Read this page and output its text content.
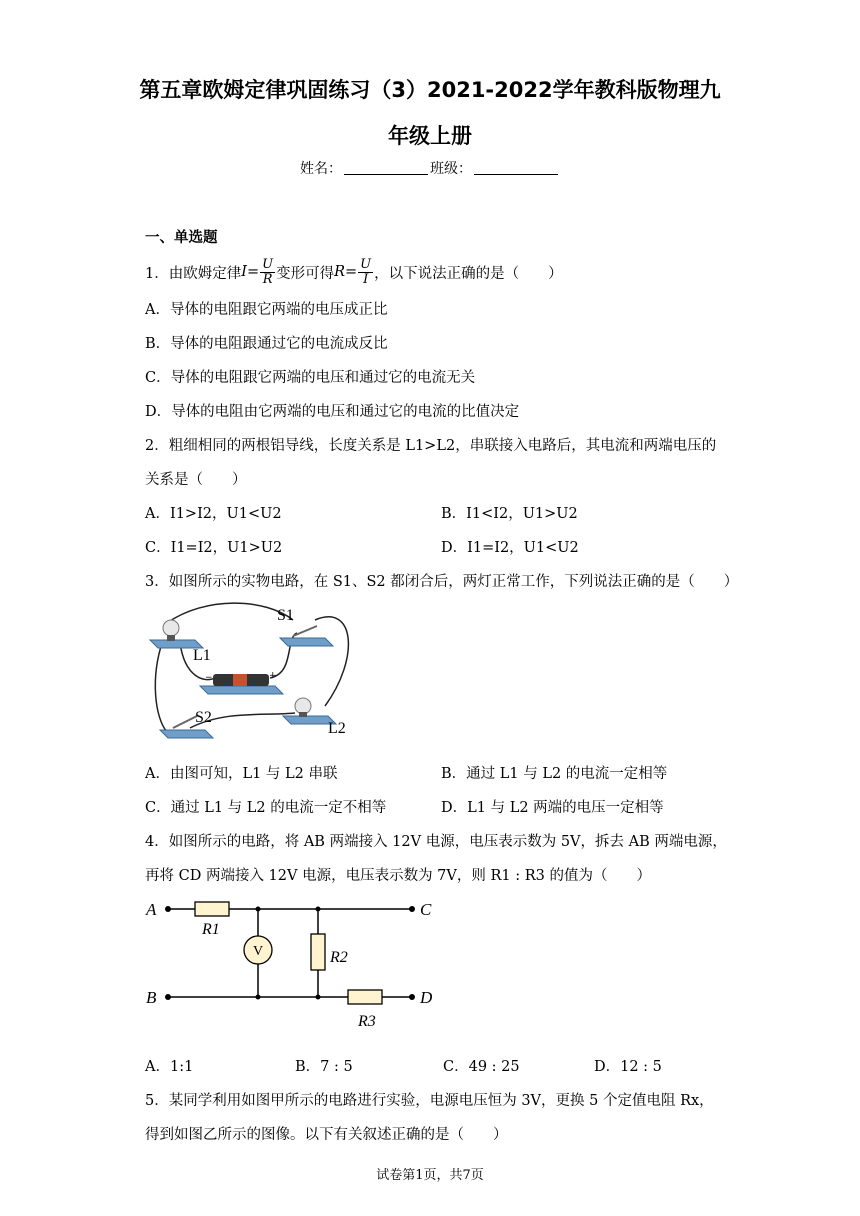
第五章欧姆定律巩固练习（3）2021-2022学年教科版物理九
年级上册
姓名：	班级：
一、单选题
1．由欧姆定律 $I = \frac{U}{R}$ 变形可得 $R = \frac{U}{I}$ ，以下说法正确的是（　　）
A．导体的电阻跟它两端的电压成正比
B．导体的电阻跟通过它的电流成反比
C．导体的电阻跟它两端的电压和通过它的电流无关
D．导体的电阻由它两端的电压和通过它的电流的比值决定
2．粗细相同的两根铝导线，长度关系是 L1>L2，串联接入电路后，其电流和两端电压的
关系是（　　）
A．I1>I2，U1<U2	B．I1<I2，U1>U2
C．I1=I2，U1>U2	D．I1=I2，U1<U2
3．如图所示的实物电路，在 S1、S2 都闭合后，两灯正常工作，下列说法正确的是（　　）
−	+
S1
L1
S2
L2
A．由图可知，L1 与 L2 串联	B．通过 L1 与 L2 的电流一定相等
C．通过 L1 与 L2 的电流一定不相等	D．L1 与 L2 两端的电压一定相等
4．如图所示的电路，将 AB 两端接入 12V 电源，电压表示数为 5V，拆去 AB 两端电源，
再将 CD 两端接入 12V 电源，电压表示数为 7V，则 R1 : R3 的值为（　　）
A	C
B	D
V
R1
R2
R3
A．1:1	B．7 : 5	C．49 : 25	D．12 : 5
5．某同学利用如图甲所示的电路进行实验，电源电压恒为 3V，更换 5 个定值电阻 Rx，
得到如图乙所示的图像。以下有关叙述正确的是（　　）
试卷第1页，共7页
